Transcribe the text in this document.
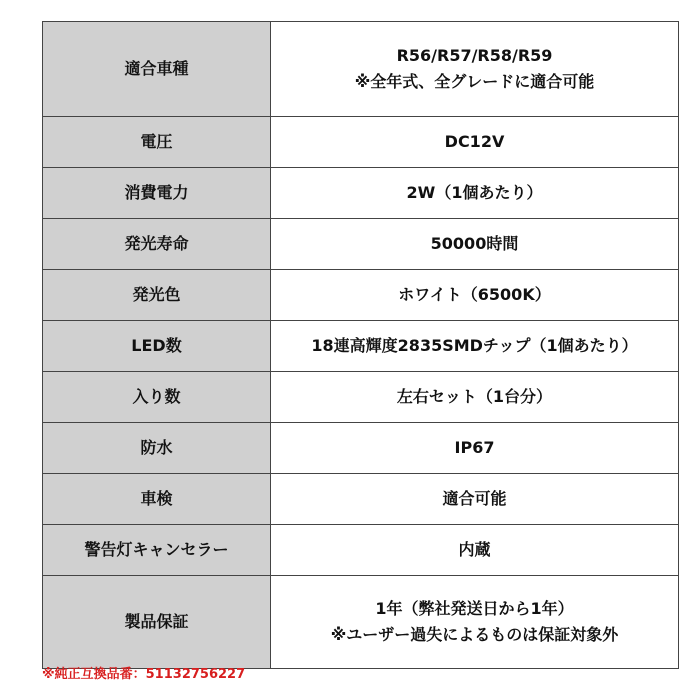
適合車種	R56/R57/R58/R59
※全年式、全グレードに適合可能

電圧	DC12V

消費電力	2W（1個あたり）

発光寿命	50000時間

発光色	ホワイト（6500K）

LED数	18連高輝度2835SMDチップ（1個あたり）

入り数	左右セット（1台分）

防水	IP67

車検	適合可能

警告灯キャンセラー	内蔵

製品保証	1年（弊社発送日から1年）
※ユーザー過失によるものは保証対象外
※純正互換品番：51132756227
